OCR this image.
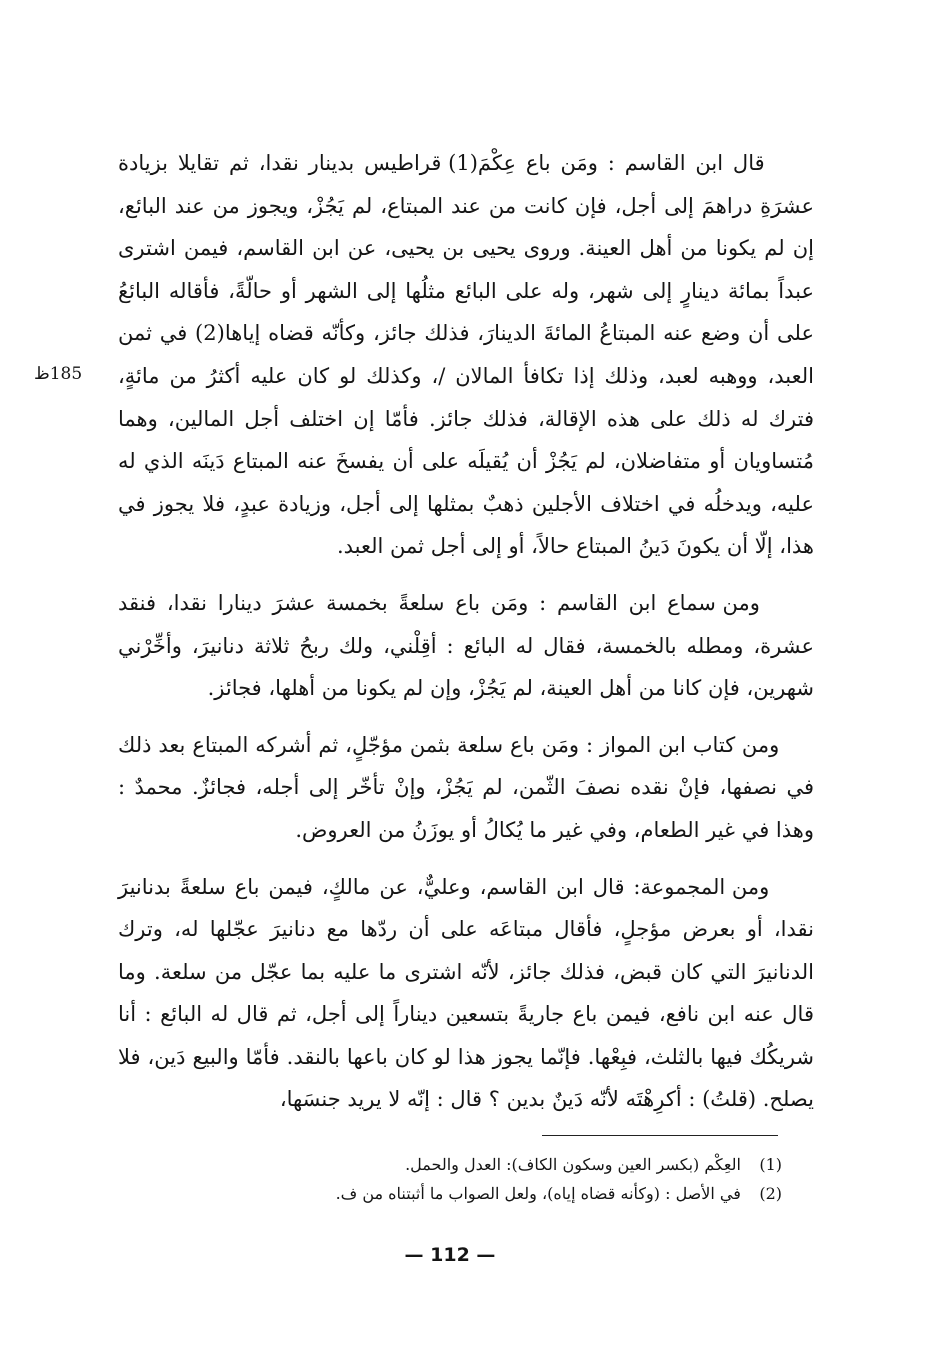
قال ابن القاسم : ومَن باع عِكْمَ(1) قراطيس بدينار نقدا، ثم تقايلا بزيادة عشرَةِ دراهمَ إلى أجل، فإن كانت من عند المبتاع، لم يَجُزْ، ويجوز من عند البائع، إن لم يكونا من أهل العينة. وروى يحيى بن يحيى، عن ابن القاسم، فيمن اشترى عبداً بمائة دينارٍ إلى شهر، وله على البائع مثلُها إلى الشهر أو حالّةً، فأقاله البائعُ على أن وضع عنه المبتاعُ المائةَ الدينارَ، فذلك جائز، وكأنّه قضاه إياها(2) في ثمن العبد، ووهبه لعبد، وذلك إذا تكافأ المالان /، وكذلك لو كان عليه أكثرُ من مائةٍ، فترك له ذلك على هذه الإقالة، فذلك جائز. فأمّا إن اختلف أجل المالين، وهما مُتساويان أو متفاضلان، لم يَجُزْ أن يُقيلَه على أن يفسخَ عنه المبتاع دَينَه الذي له عليه، ويدخلُه في اختلاف الأجلين ذهبٌ بمثلها إلى أجل، وزيادة عبدٍ، فلا يجوز في هذا، إلّا أن يكونَ دَينُ المبتاع حالاً، أو إلى أجل ثمن العبد.

ومن سماع ابن القاسم : ومَن باع سلعةً بخمسة عشرَ دينارا نقدا، فنقد عشرة، ومطله بالخمسة، فقال له البائع : أقِلْني، ولك ربحُ ثلاثة دنانيرَ، وأخِّرْني شهرين، فإن كانا من أهل العينة، لم يَجُزْ، وإن لم يكونا من أهلها، فجائز.

ومن كتاب ابن المواز : ومَن باع سلعة بثمن مؤجّلٍ، ثم أشركه المبتاع بعد ذلك في نصفها، فإنْ نقده نصفَ الثّمن، لم يَجُزْ، وإنْ تأخّر إلى أجله، فجائزٌ. محمدٌ : وهذا في غير الطعام، وفي غير ما يُكالُ أو يوزَنُ من العروض.

ومن المجموعة: قال ابن القاسم، وعليٌّ، عن مالكٍ، فيمن باع سلعةً بدنانيرَ نقدا، أو بعرض مؤجلٍ، فأقال مبتاعَه على أن ردّها مع دنانيرَ عجّلها له، وترك الدنانيرَ التي كان قبض، فذلك جائز، لأنّه اشترى ما عليه بما عجّل من سلعة. وما قال عنه ابن نافع، فيمن باع جاريةً بتسعين ديناراً إلى أجل، ثم قال له البائع : أنا شريكُك فيها بالثلث، فبِعْها. فإنّما يجوز هذا لو كان باعها بالنقد. فأمّا والبيع دَين، فلا يصلح. (قلتُ) : أكرِهْتَه لأنّه دَينٌ بدين ؟ قال : إنّه لا يريد جنسَها،

185ظ
(1) العِكْم (بكسر العين وسكون الكاف): العدل والحمل.
(2) في الأصل : (وكأنه قضاه إياه)، ولعل الصواب ما أثبتناه من ف.
— 112 —
